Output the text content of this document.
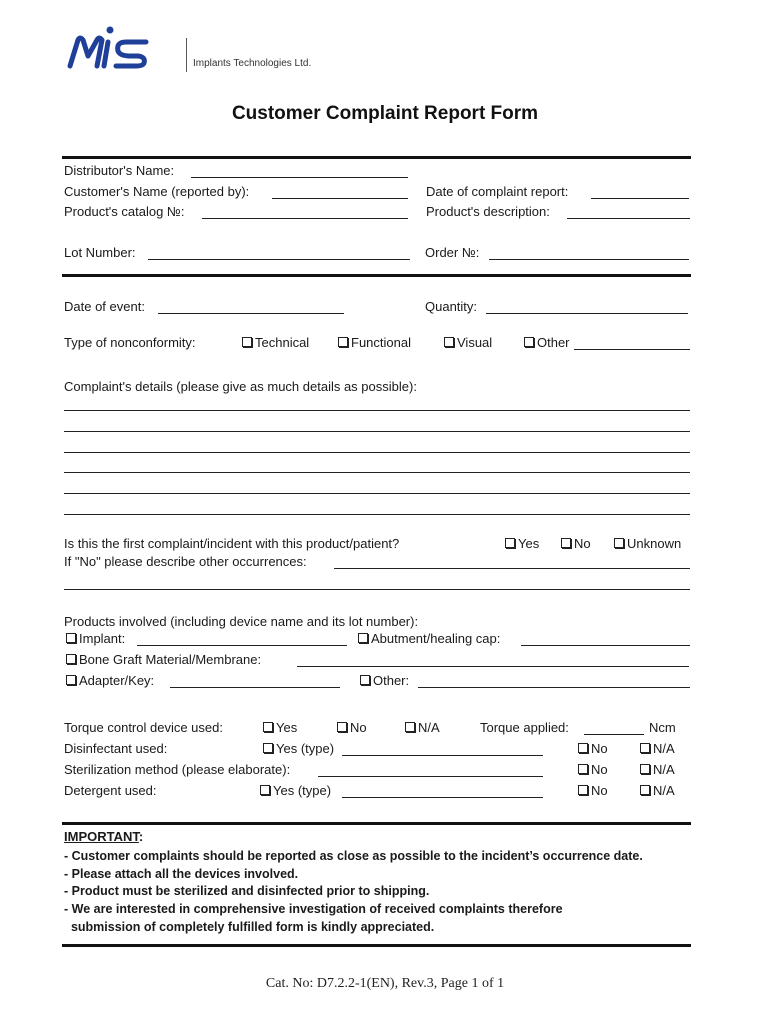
Implants Technologies Ltd.
Customer Complaint Report Form
Distributor's Name:
Customer's Name (reported by):	Date of complaint report:
Product's catalog №:	Product's description:
Lot Number:	Order №:
Date of event:	Quantity:
Type of nonconformity:	Technical	Functional	Visual	Other
Complaint's details (please give as much details as possible):
Is this the first complaint/incident with this product/patient?	Yes	No	Unknown
If "No" please describe other occurrences:
Products involved (including device name and its lot number):
Implant:	Abutment/healing cap:
Bone Graft Material/Membrane:
Adapter/Key:	Other:
Torque control device used:	Yes	No	N/A	Torque applied:	Ncm
Disinfectant used:	Yes (type)	No	N/A
Sterilization method (please elaborate):	No	N/A
Detergent used:	Yes (type)	No	N/A
IMPORTANT:
- Customer complaints should be reported as close as possible to the incident’s occurrence date.
- Please attach all the devices involved.
- Product must be sterilized and disinfected prior to shipping.
- We are interested in comprehensive investigation of received complaints therefore
submission of completely fulfilled form is kindly appreciated.
Cat. No: D7.2.2-1(EN), Rev.3, Page 1 of 1
